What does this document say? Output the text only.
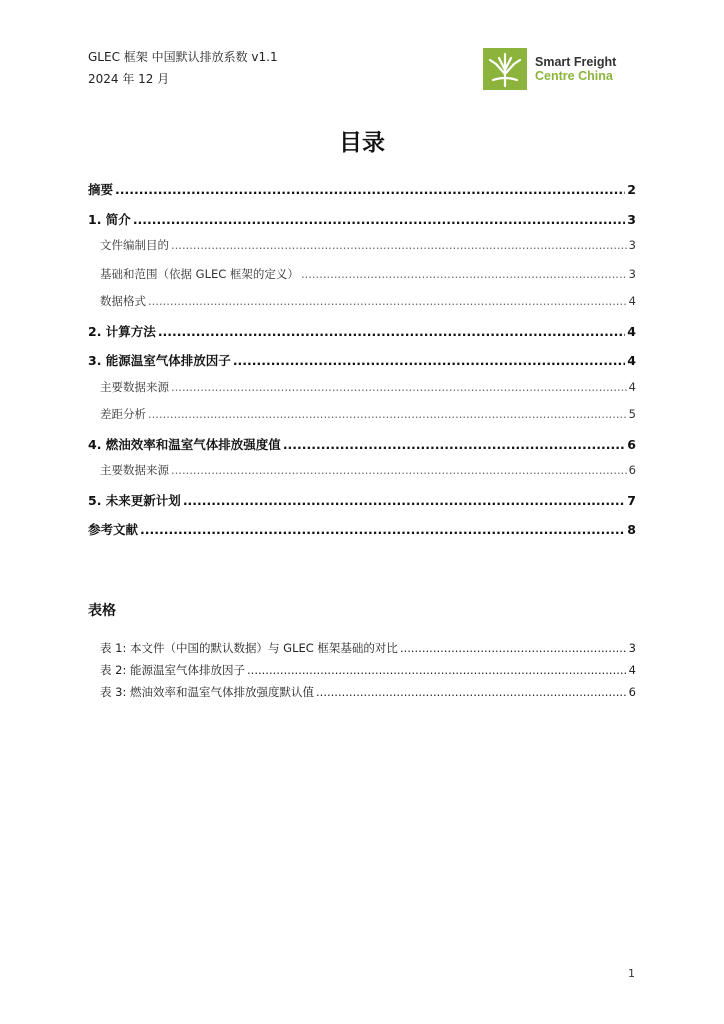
GLEC 框架 中国默认排放系数 v1.1
2024 年 12 月
Smart Freight
Centre China
目录
摘要 .....	2
1. 简介 .....	3
文件编制目的 .....	3
基础和范围（依据 GLEC 框架的定义） .....	3
数据格式 .....	4
2. 计算方法 .....	4
3. 能源温室气体排放因子 .....	4
主要数据来源 .....	4
差距分析 .....	5
4. 燃油效率和温室气体排放强度值 .....	6
主要数据来源 .....	6
5. 未来更新计划 .....	7
参考文献 .....	8
表格
表 1: 本文件（中国的默认数据）与 GLEC 框架基础的对比 .....	3
表 2: 能源温室气体排放因子 .....	4
表 3: 燃油效率和温室气体排放强度默认值 .....	6
1
